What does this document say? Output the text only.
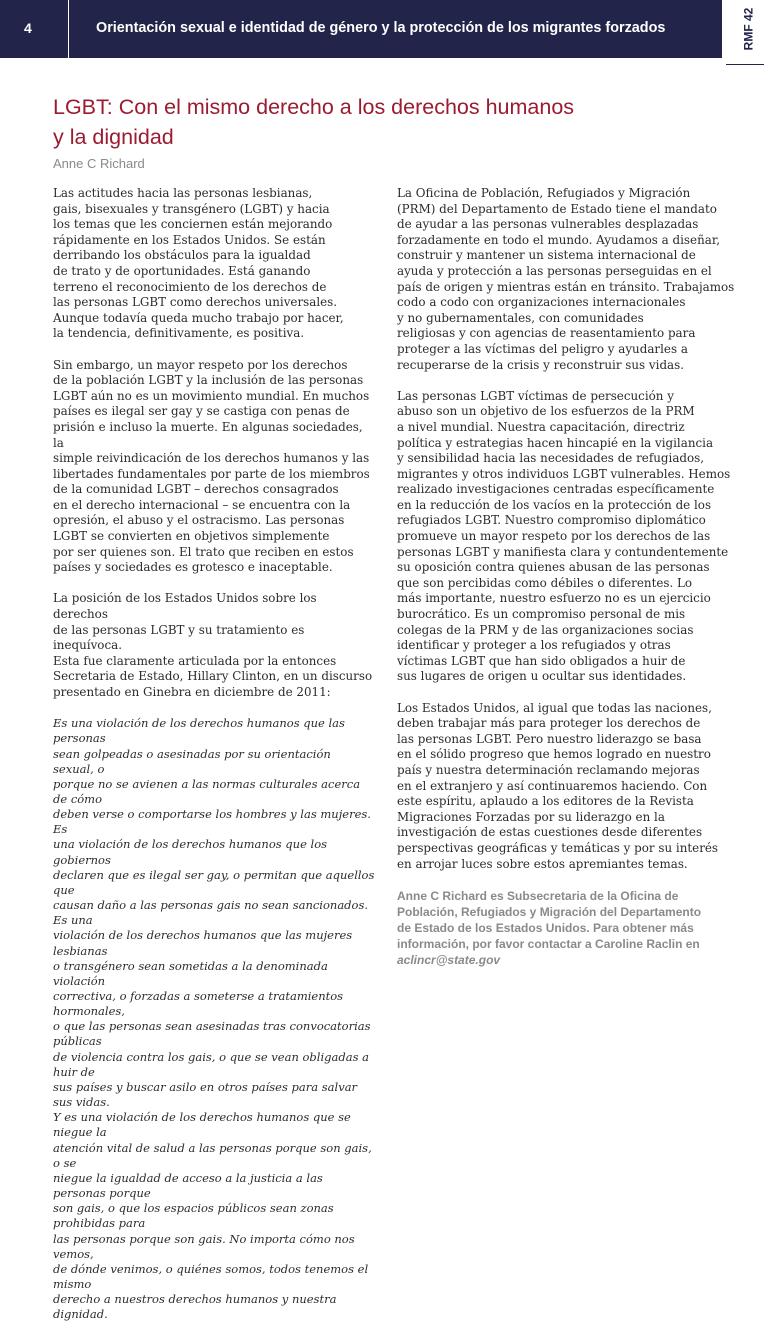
4	Orientación sexual e identidad de género y la protección de los migrantes forzados	RMF 42
LGBT: Con el mismo derecho a los derechos humanos
y la dignidad

Anne C Richard

Las actitudes hacia las personas lesbianas,
gais, bisexuales y transgénero (LGBT) y hacia
los temas que les conciernen están mejorando
rápidamente en los Estados Unidos. Se están
derribando los obstáculos para la igualdad
de trato y de oportunidades. Está ganando
terreno el reconocimiento de los derechos de
las personas LGBT como derechos universales.
Aunque todavía queda mucho trabajo por hacer,
la tendencia, definitivamente, es positiva.

Sin embargo, un mayor respeto por los derechos
de la población LGBT y la inclusión de las personas
LGBT aún no es un movimiento mundial. En muchos
países es ilegal ser gay y se castiga con penas de
prisión e incluso la muerte. En algunas sociedades, la
simple reivindicación de los derechos humanos y las
libertades fundamentales por parte de los miembros
de la comunidad LGBT – derechos consagrados
en el derecho internacional – se encuentra con la
opresión, el abuso y el ostracismo. Las personas
LGBT se convierten en objetivos simplemente
por ser quienes son. El trato que reciben en estos
países y sociedades es grotesco e inaceptable.

La posición de los Estados Unidos sobre los derechos
de las personas LGBT y su tratamiento es inequívoca.
Esta fue claramente articulada por la entonces
Secretaria de Estado, Hillary Clinton, en un discurso
presentado en Ginebra en diciembre de 2011:

Es una violación de los derechos humanos que las personas
sean golpeadas o asesinadas por su orientación sexual, o
porque no se avienen a las normas culturales acerca de cómo
deben verse o comportarse los hombres y las mujeres. Es
una violación de los derechos humanos que los gobiernos
declaren que es ilegal ser gay, o permitan que aquellos que
causan daño a las personas gais no sean sancionados. Es una
violación de los derechos humanos que las mujeres lesbianas
o transgénero sean sometidas a la denominada violación
correctiva, o forzadas a someterse a tratamientos hormonales,
o que las personas sean asesinadas tras convocatorias públicas
de violencia contra los gais, o que se vean obligadas a huir de
sus países y buscar asilo en otros países para salvar sus vidas.
Y es una violación de los derechos humanos que se niegue la
atención vital de salud a las personas porque son gais, o se
niegue la igualdad de acceso a la justicia a las personas porque
son gais, o que los espacios públicos sean zonas prohibidas para
las personas porque son gais. No importa cómo nos vemos,
de dónde venimos, o quiénes somos, todos tenemos el mismo
derecho a nuestros derechos humanos y nuestra dignidad.

La Oficina de Población, Refugiados y Migración
(PRM) del Departamento de Estado tiene el mandato
de ayudar a las personas vulnerables desplazadas
forzadamente en todo el mundo. Ayudamos a diseñar,
construir y mantener un sistema internacional de
ayuda y protección a las personas perseguidas en el
país de origen y mientras están en tránsito. Trabajamos
codo a codo con organizaciones internacionales
y no gubernamentales, con comunidades
religiosas y con agencias de reasentamiento para
proteger a las víctimas del peligro y ayudarles a
recuperarse de la crisis y reconstruir sus vidas.

Las personas LGBT víctimas de persecución y
abuso son un objetivo de los esfuerzos de la PRM
a nivel mundial. Nuestra capacitación, directriz
política y estrategias hacen hincapié en la vigilancia
y sensibilidad hacia las necesidades de refugiados,
migrantes y otros individuos LGBT vulnerables. Hemos
realizado investigaciones centradas específicamente
en la reducción de los vacíos en la protección de los
refugiados LGBT. Nuestro compromiso diplomático
promueve un mayor respeto por los derechos de las
personas LGBT y manifiesta clara y contundentemente
su oposición contra quienes abusan de las personas
que son percibidas como débiles o diferentes. Lo
más importante, nuestro esfuerzo no es un ejercicio
burocrático. Es un compromiso personal de mis
colegas de la PRM y de las organizaciones socias
identificar y proteger a los refugiados y otras
víctimas LGBT que han sido obligados a huir de
sus lugares de origen u ocultar sus identidades.

Los Estados Unidos, al igual que todas las naciones,
deben trabajar más para proteger los derechos de
las personas LGBT. Pero nuestro liderazgo se basa
en el sólido progreso que hemos logrado en nuestro
país y nuestra determinación reclamando mejoras
en el extranjero y así continuaremos haciendo. Con
este espíritu, aplaudo a los editores de la Revista
Migraciones Forzadas por su liderazgo en la
investigación de estas cuestiones desde diferentes
perspectivas geográficas y temáticas y por su interés
en arrojar luces sobre estos apremiantes temas.

Anne C Richard es Subsecretaria de la Oficina de
Población, Refugiados y Migración del Departamento
de Estado de los Estados Unidos. Para obtener más
información, por favor contactar a Caroline Raclin en
aclincr@state.gov
